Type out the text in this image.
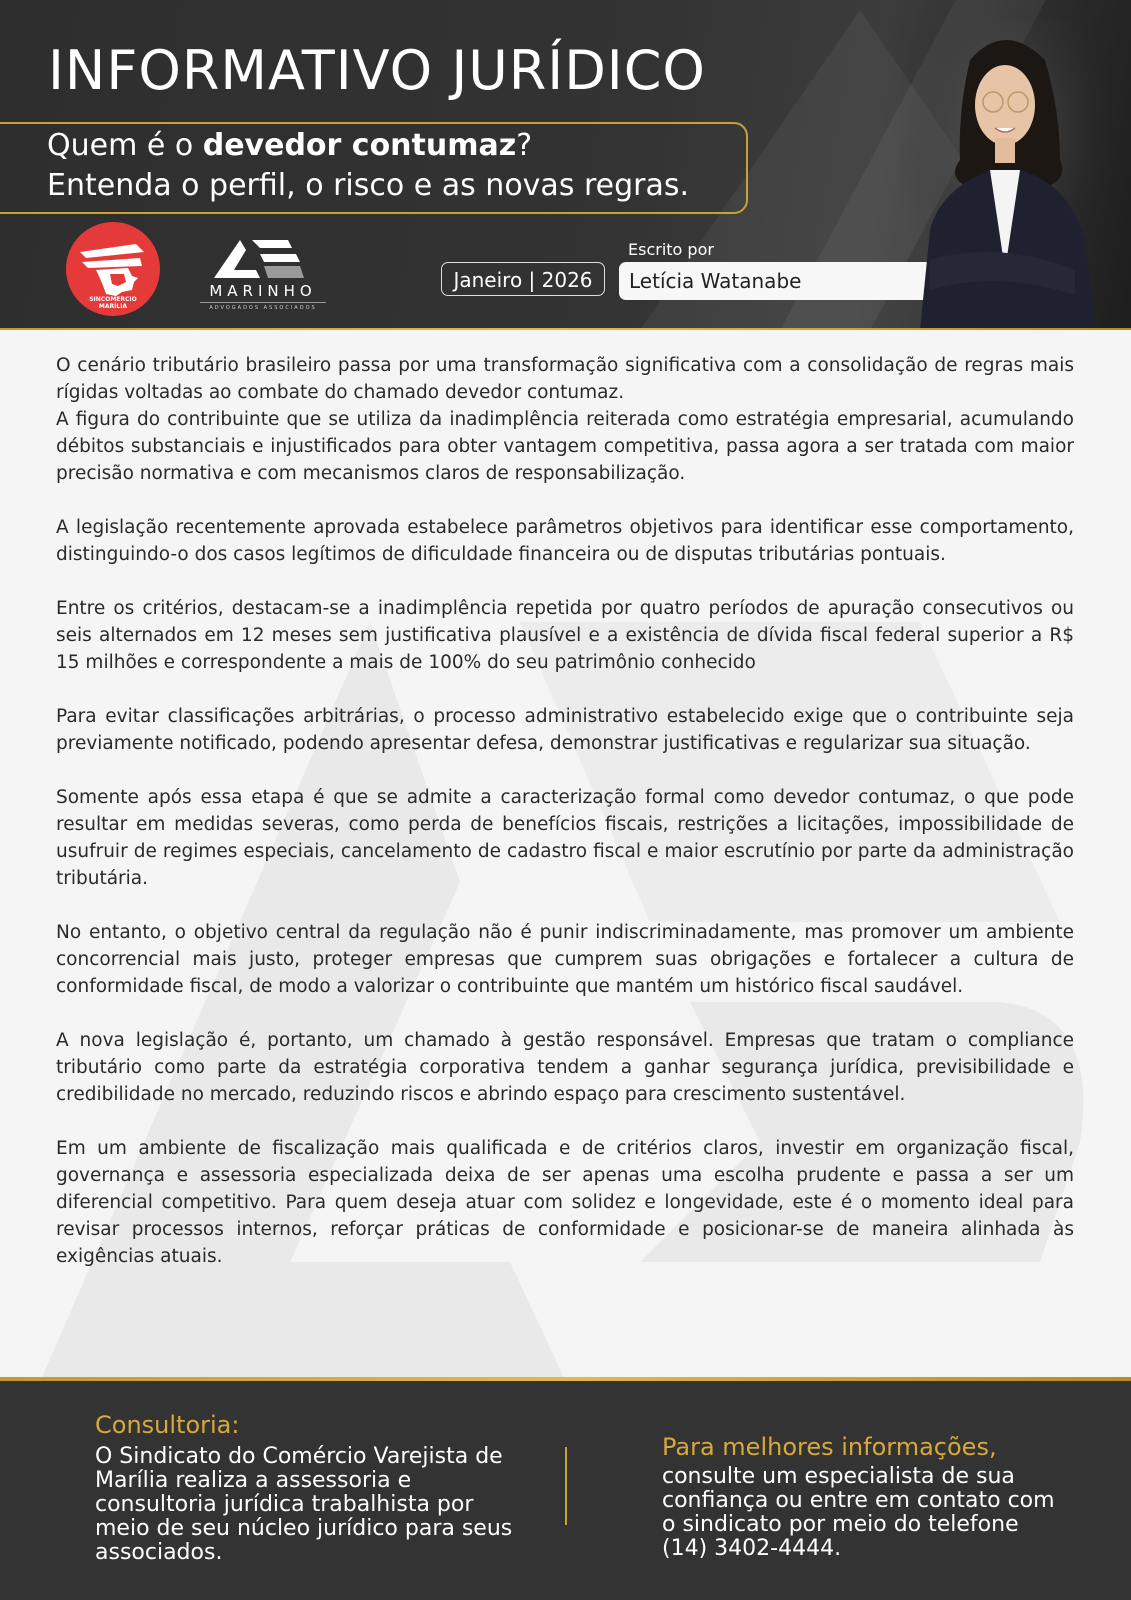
INFORMATIVO JURÍDICO
Quem é o devedor contumaz?
Entenda o perfil, o risco e as novas regras.
SINCOMERCIO
MARÍLIA
MARINHO
ADVOGADOS ASSOCIADOS
Janeiro | 2026
Escrito por
Letícia Watanabe

O cenário tributário brasileiro passa por uma transformação significativa com a consolidação de regras mais rígidas voltadas ao combate do chamado devedor contumaz.

A figura do contribuinte que se utiliza da inadimplência reiterada como estratégia empresarial, acumulando débitos substanciais e injustificados para obter vantagem competitiva, passa agora a ser tratada com maior precisão normativa e com mecanismos claros de responsabilização.

A legislação recentemente aprovada estabelece parâmetros objetivos para identificar esse comportamento, distinguindo-o dos casos legítimos de dificuldade financeira ou de disputas tributárias pontuais.

Entre os critérios, destacam-se a inadimplência repetida por quatro períodos de apuração consecutivos ou seis alternados em 12 meses sem justificativa plausível e a existência de dívida fiscal federal superior a R$ 15 milhões e correspondente a mais de 100% do seu patrimônio conhecido

Para evitar classificações arbitrárias, o processo administrativo estabelecido exige que o contribuinte seja previamente notificado, podendo apresentar defesa, demonstrar justificativas e regularizar sua situação.

Somente após essa etapa é que se admite a caracterização formal como devedor contumaz, o que pode resultar em medidas severas, como perda de benefícios fiscais, restrições a licitações, impossibilidade de usufruir de regimes especiais, cancelamento de cadastro fiscal e maior escrutínio por parte da administração tributária.

No entanto, o objetivo central da regulação não é punir indiscriminadamente, mas promover um ambiente concorrencial mais justo, proteger empresas que cumprem suas obrigações e fortalecer a cultura de conformidade fiscal, de modo a valorizar o contribuinte que mantém um histórico fiscal saudável.

A nova legislação é, portanto, um chamado à gestão responsável. Empresas que tratam o compliance tributário como parte da estratégia corporativa tendem a ganhar segurança jurídica, previsibilidade e credibilidade no mercado, reduzindo riscos e abrindo espaço para crescimento sustentável.

Em um ambiente de fiscalização mais qualificada e de critérios claros, investir em organização fiscal, governança e assessoria especializada deixa de ser apenas uma escolha prudente e passa a ser um diferencial competitivo. Para quem deseja atuar com solidez e longevidade, este é o momento ideal para revisar processos internos, reforçar práticas de conformidade e posicionar-se de maneira alinhada às exigências atuais.

Consultoria:
O Sindicato do Comércio Varejista de Marília realiza a assessoria e consultoria jurídica trabalhista por meio de seu núcleo jurídico para seus associados.
Para melhores informações,
consulte um especialista de sua confiança ou entre em contato com o sindicato por meio do telefone (14) 3402-4444.
